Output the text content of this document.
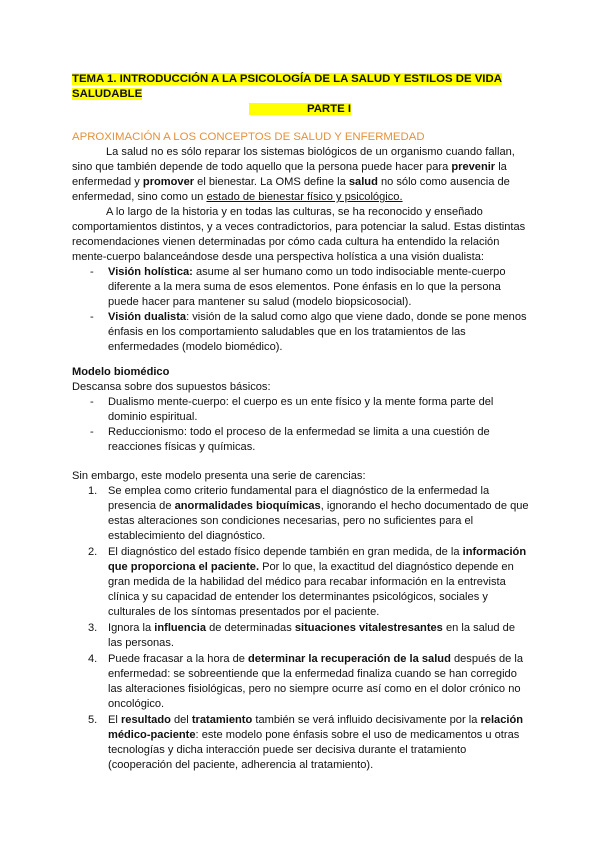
TEMA 1. INTRODUCCIÓN A LA PSICOLOGÍA DE LA SALUD Y ESTILOS DE VIDA
SALUDABLE
PARTE I
APROXIMACIÓN A LOS CONCEPTOS DE SALUD Y ENFERMEDAD

La salud no es sólo reparar los sistemas biológicos de un organismo cuando fallan, sino que también depende de todo aquello que la persona puede hacer para prevenir la enfermedad y promover el bienestar. La OMS define la salud no sólo como ausencia de enfermedad, sino como un estado de bienestar físico y psicológico.

A lo largo de la historia y en todas las culturas, se ha reconocido y enseñado comportamientos distintos, y a veces contradictorios, para potenciar la salud. Estas distintas recomendaciones vienen determinadas por cómo cada cultura ha entendido la relación mente-cuerpo balanceándose desde una perspectiva holística a una visión dualista:

- Visión holística: asume al ser humano como un todo indisociable mente-cuerpo diferente a la mera suma de esos elementos. Pone énfasis en lo que la persona puede hacer para mantener su salud (modelo biopsicosocial).
- Visión dualista: visión de la salud como algo que viene dado, donde se pone menos énfasis en los comportamiento saludables que en los tratamientos de las enfermedades (modelo biomédico).

Modelo biomédico

Descansa sobre dos supuestos básicos:

- Dualismo mente-cuerpo: el cuerpo es un ente físico y la mente forma parte del dominio espiritual.
- Reduccionismo: todo el proceso de la enfermedad se limita a una cuestión de reacciones físicas y químicas.

Sin embargo, este modelo presenta una serie de carencias:

1. Se emplea como criterio fundamental para el diagnóstico de la enfermedad la presencia de anormalidades bioquímicas, ignorando el hecho documentado de que estas alteraciones son condiciones necesarias, pero no suficientes para el establecimiento del diagnóstico.
2. El diagnóstico del estado físico depende también en gran medida, de la información que proporciona el paciente. Por lo que, la exactitud del diagnóstico depende en gran medida de la habilidad del médico para recabar información en la entrevista clínica y su capacidad de entender los determinantes psicológicos, sociales y culturales de los síntomas presentados por el paciente.
3. Ignora la influencia de determinadas situaciones vitalestresantes en la salud de las personas.
4. Puede fracasar a la hora de determinar la recuperación de la salud después de la enfermedad: se sobreentiende que la enfermedad finaliza cuando se han corregido las alteraciones fisiológicas, pero no siempre ocurre así como en el dolor crónico no oncológico.
5. El resultado del tratamiento también se verá influido decisivamente por la relación médico-paciente: este modelo pone énfasis sobre el uso de medicamentos u otras tecnologías y dicha interacción puede ser decisiva durante el tratamiento (cooperación del paciente, adherencia al tratamiento).
